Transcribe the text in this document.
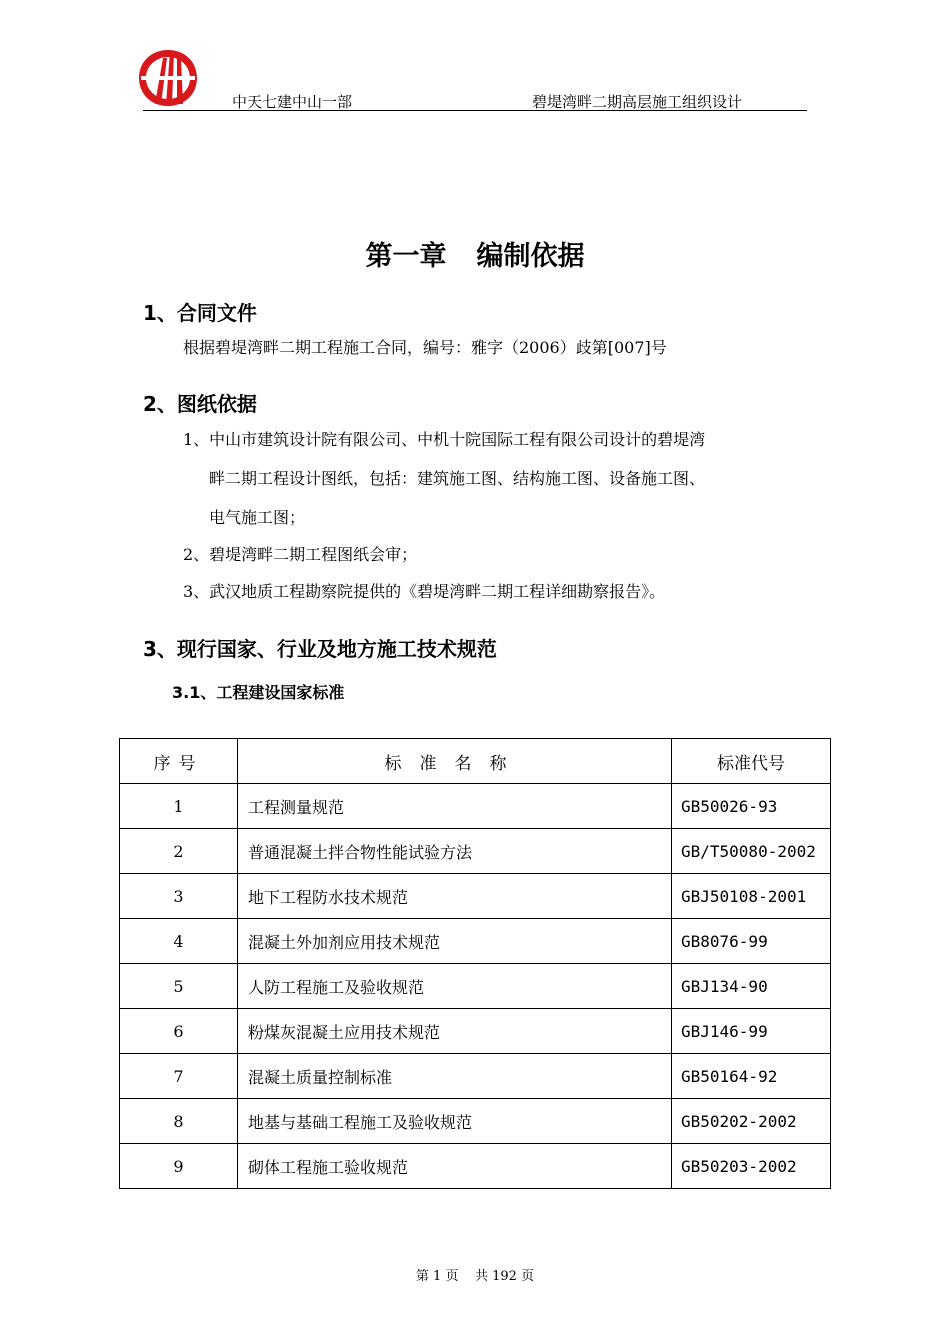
中天七建中山一部	碧堤湾畔二期高层施工组织设计
第一章 编制依据
1、合同文件
根据碧堤湾畔二期工程施工合同，编号：雅字（2006）歧第[007]号
2、图纸依据
1、中山市建筑设计院有限公司、中机十院国际工程有限公司设计的碧堤湾
畔二期工程设计图纸，包括：建筑施工图、结构施工图、设备施工图、
电气施工图；
2、碧堤湾畔二期工程图纸会审；
3、武汉地质工程勘察院提供的《碧堤湾畔二期工程详细勘察报告》。
3、现行国家、行业及地方施工技术规范
3.1、工程建设国家标准
序号	标准名称	标准代号
1	工程测量规范	GB50026-93
2	普通混凝土拌合物性能试验方法	GB/T50080-2002
3	地下工程防水技术规范	GBJ50108-2001
4	混凝土外加剂应用技术规范	GB8076-99
5	人防工程施工及验收规范	GBJ134-90
6	粉煤灰混凝土应用技术规范	GBJ146-99
7	混凝土质量控制标准	GB50164-92
8	地基与基础工程施工及验收规范	GB50202-2002
9	砌体工程施工验收规范	GB50203-2002
第 1 页    共 192 页
